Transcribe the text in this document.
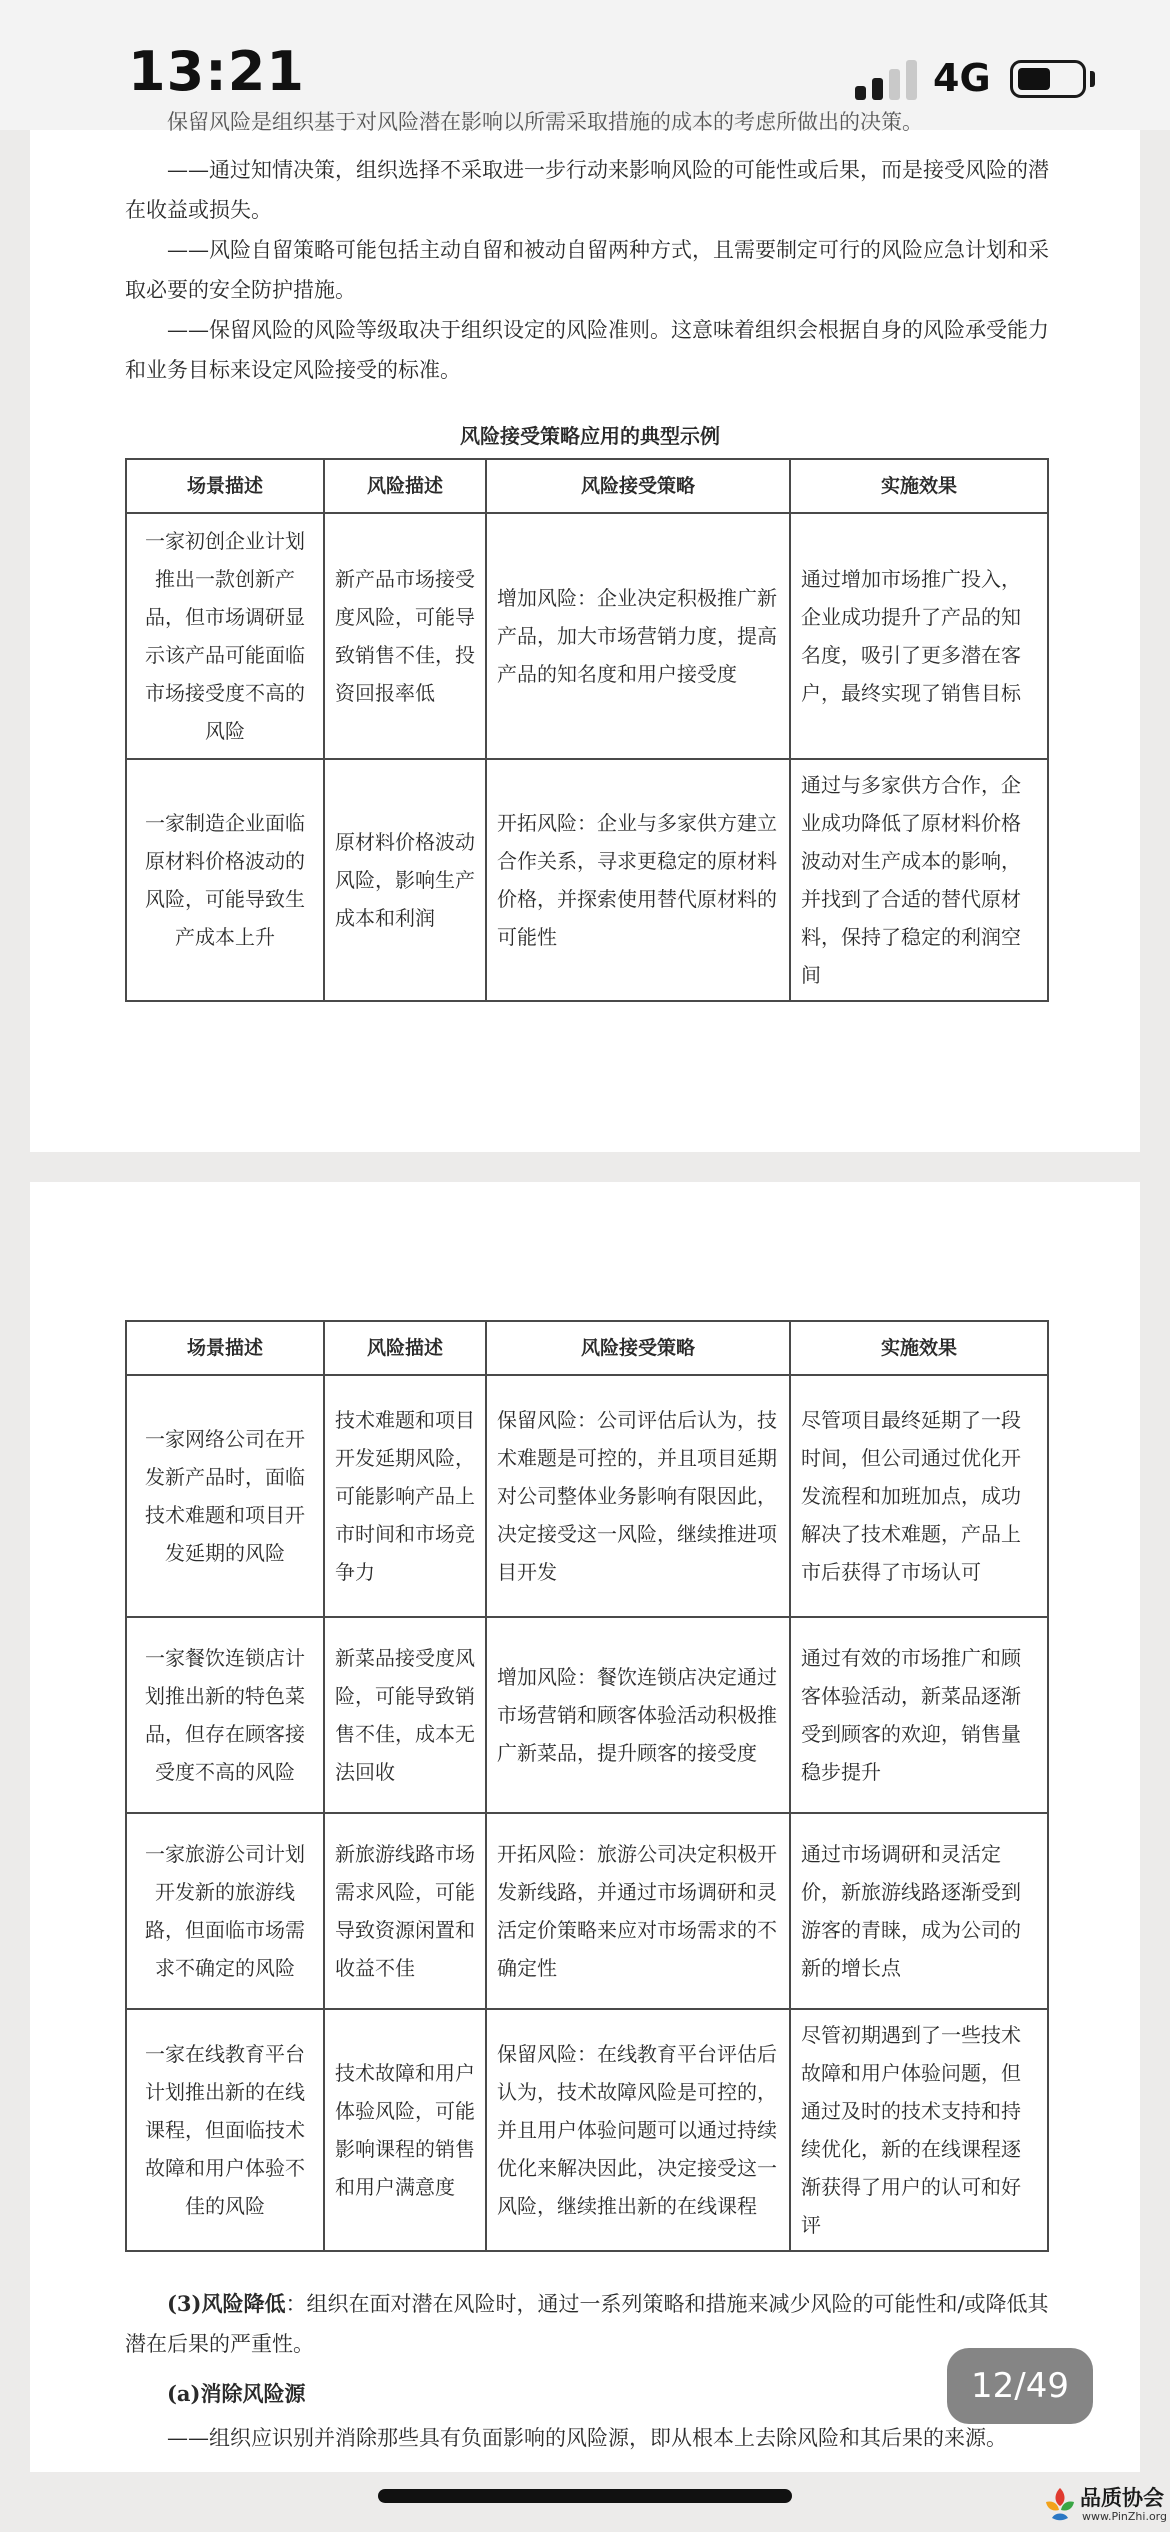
13:21	4G

保留风险是组织基于对风险潜在影响以所需采取措施的成本的考虑所做出的决策。

——通过知情决策，组织选择不采取进一步行动来影响风险的可能性或后果，而是接受风险的潜在收益或损失。

——风险自留策略可能包括主动自留和被动自留两种方式，且需要制定可行的风险应急计划和采取必要的安全防护措施。

——保留风险的风险等级取决于组织设定的风险准则。这意味着组织会根据自身的风险承受能力和业务目标来设定风险接受的标准。

风险接受策略应用的典型示例
场景描述	风险描述	风险接受策略	实施效果
一家初创企业计划推出一款创新产品，但市场调研显示该产品可能面临市场接受度不高的风险	新产品市场接受度风险，可能导致销售不佳，投资回报率低	增加风险：企业决定积极推广新产品，加大市场营销力度，提高产品的知名度和用户接受度	通过增加市场推广投入，企业成功提升了产品的知名度，吸引了更多潜在客户，最终实现了销售目标
一家制造企业面临原材料价格波动的风险，可能导致生产成本上升	原材料价格波动风险，影响生产成本和利润	开拓风险：企业与多家供方建立合作关系，寻求更稳定的原材料价格，并探索使用替代原材料的可能性	通过与多家供方合作，企业成功降低了原材料价格波动对生产成本的影响，并找到了合适的替代原材料，保持了稳定的利润空间
场景描述	风险描述	风险接受策略	实施效果
一家网络公司在开发新产品时，面临技术难题和项目开发延期的风险	技术难题和项目开发延期风险，可能影响产品上市时间和市场竞争力	保留风险：公司评估后认为，技术难题是可控的，并且项目延期对公司整体业务影响有限因此，决定接受这一风险，继续推进项目开发	尽管项目最终延期了一段时间，但公司通过优化开发流程和加班加点，成功解决了技术难题，产品上市后获得了市场认可
一家餐饮连锁店计划推出新的特色菜品，但存在顾客接受度不高的风险	新菜品接受度风险，可能导致销售不佳，成本无法回收	增加风险：餐饮连锁店决定通过市场营销和顾客体验活动积极推广新菜品，提升顾客的接受度	通过有效的市场推广和顾客体验活动，新菜品逐渐受到顾客的欢迎，销售量稳步提升
一家旅游公司计划开发新的旅游线路，但面临市场需求不确定的风险	新旅游线路市场需求风险，可能导致资源闲置和收益不佳	开拓风险：旅游公司决定积极开发新线路，并通过市场调研和灵活定价策略来应对市场需求的不确定性	通过市场调研和灵活定价，新旅游线路逐渐受到游客的青睐，成为公司的新的增长点
一家在线教育平台计划推出新的在线课程，但面临技术故障和用户体验不佳的风险	技术故障和用户体验风险，可能影响课程的销售和用户满意度	保留风险：在线教育平台评估后认为，技术故障风险是可控的，并且用户体验问题可以通过持续优化来解决因此，决定接受这一风险，继续推出新的在线课程	尽管初期遇到了一些技术故障和用户体验问题，但通过及时的技术支持和持续优化，新的在线课程逐渐获得了用户的认可和好评

(3)风险降低：组织在面对潜在风险时，通过一系列策略和措施来减少风险的可能性和/或降低其潜在后果的严重性。

(a)消除风险源

——组织应识别并消除那些具有负面影响的风险源，即从根本上去除风险和其后果的来源。

12/49
品质协会
www.PinZhi.org
